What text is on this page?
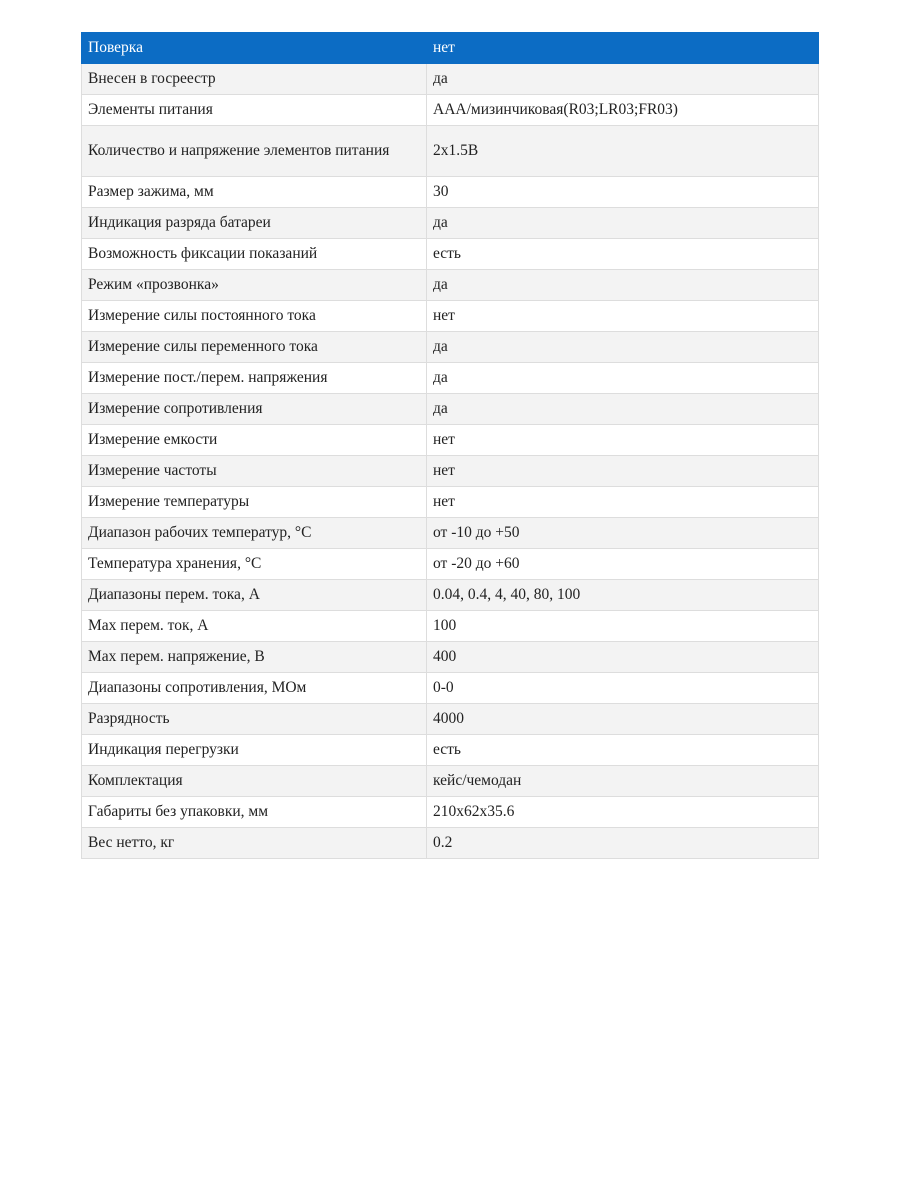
Поверка	нет
Внесен в госреестр	да
Элементы питания	AAA/мизинчиковая(R03;LR03;FR03)
Количество и напряжение элементов питания	2x1.5В
Размер зажима, мм	30
Индикация разряда батареи	да
Возможность фиксации показаний	есть
Режим «прозвонка»	да
Измерение силы постоянного тока	нет
Измерение силы переменного тока	да
Измерение пост./перем. напряжения	да
Измерение сопротивления	да
Измерение емкости	нет
Измерение частоты	нет
Измерение температуры	нет
Диапазон рабочих температур, °C	от -10 до +50
Температура хранения, °C	от -20 до +60
Диапазоны перем. тока, А	0.04, 0.4, 4, 40, 80, 100
Max перем. ток, А	100
Max перем. напряжение, В	400
Диапазоны сопротивления, МОм	0-0
Разрядность	4000
Индикация перегрузки	есть
Комплектация	кейс/чемодан
Габариты без упаковки, мм	210x62x35.6
Вес нетто, кг	0.2
